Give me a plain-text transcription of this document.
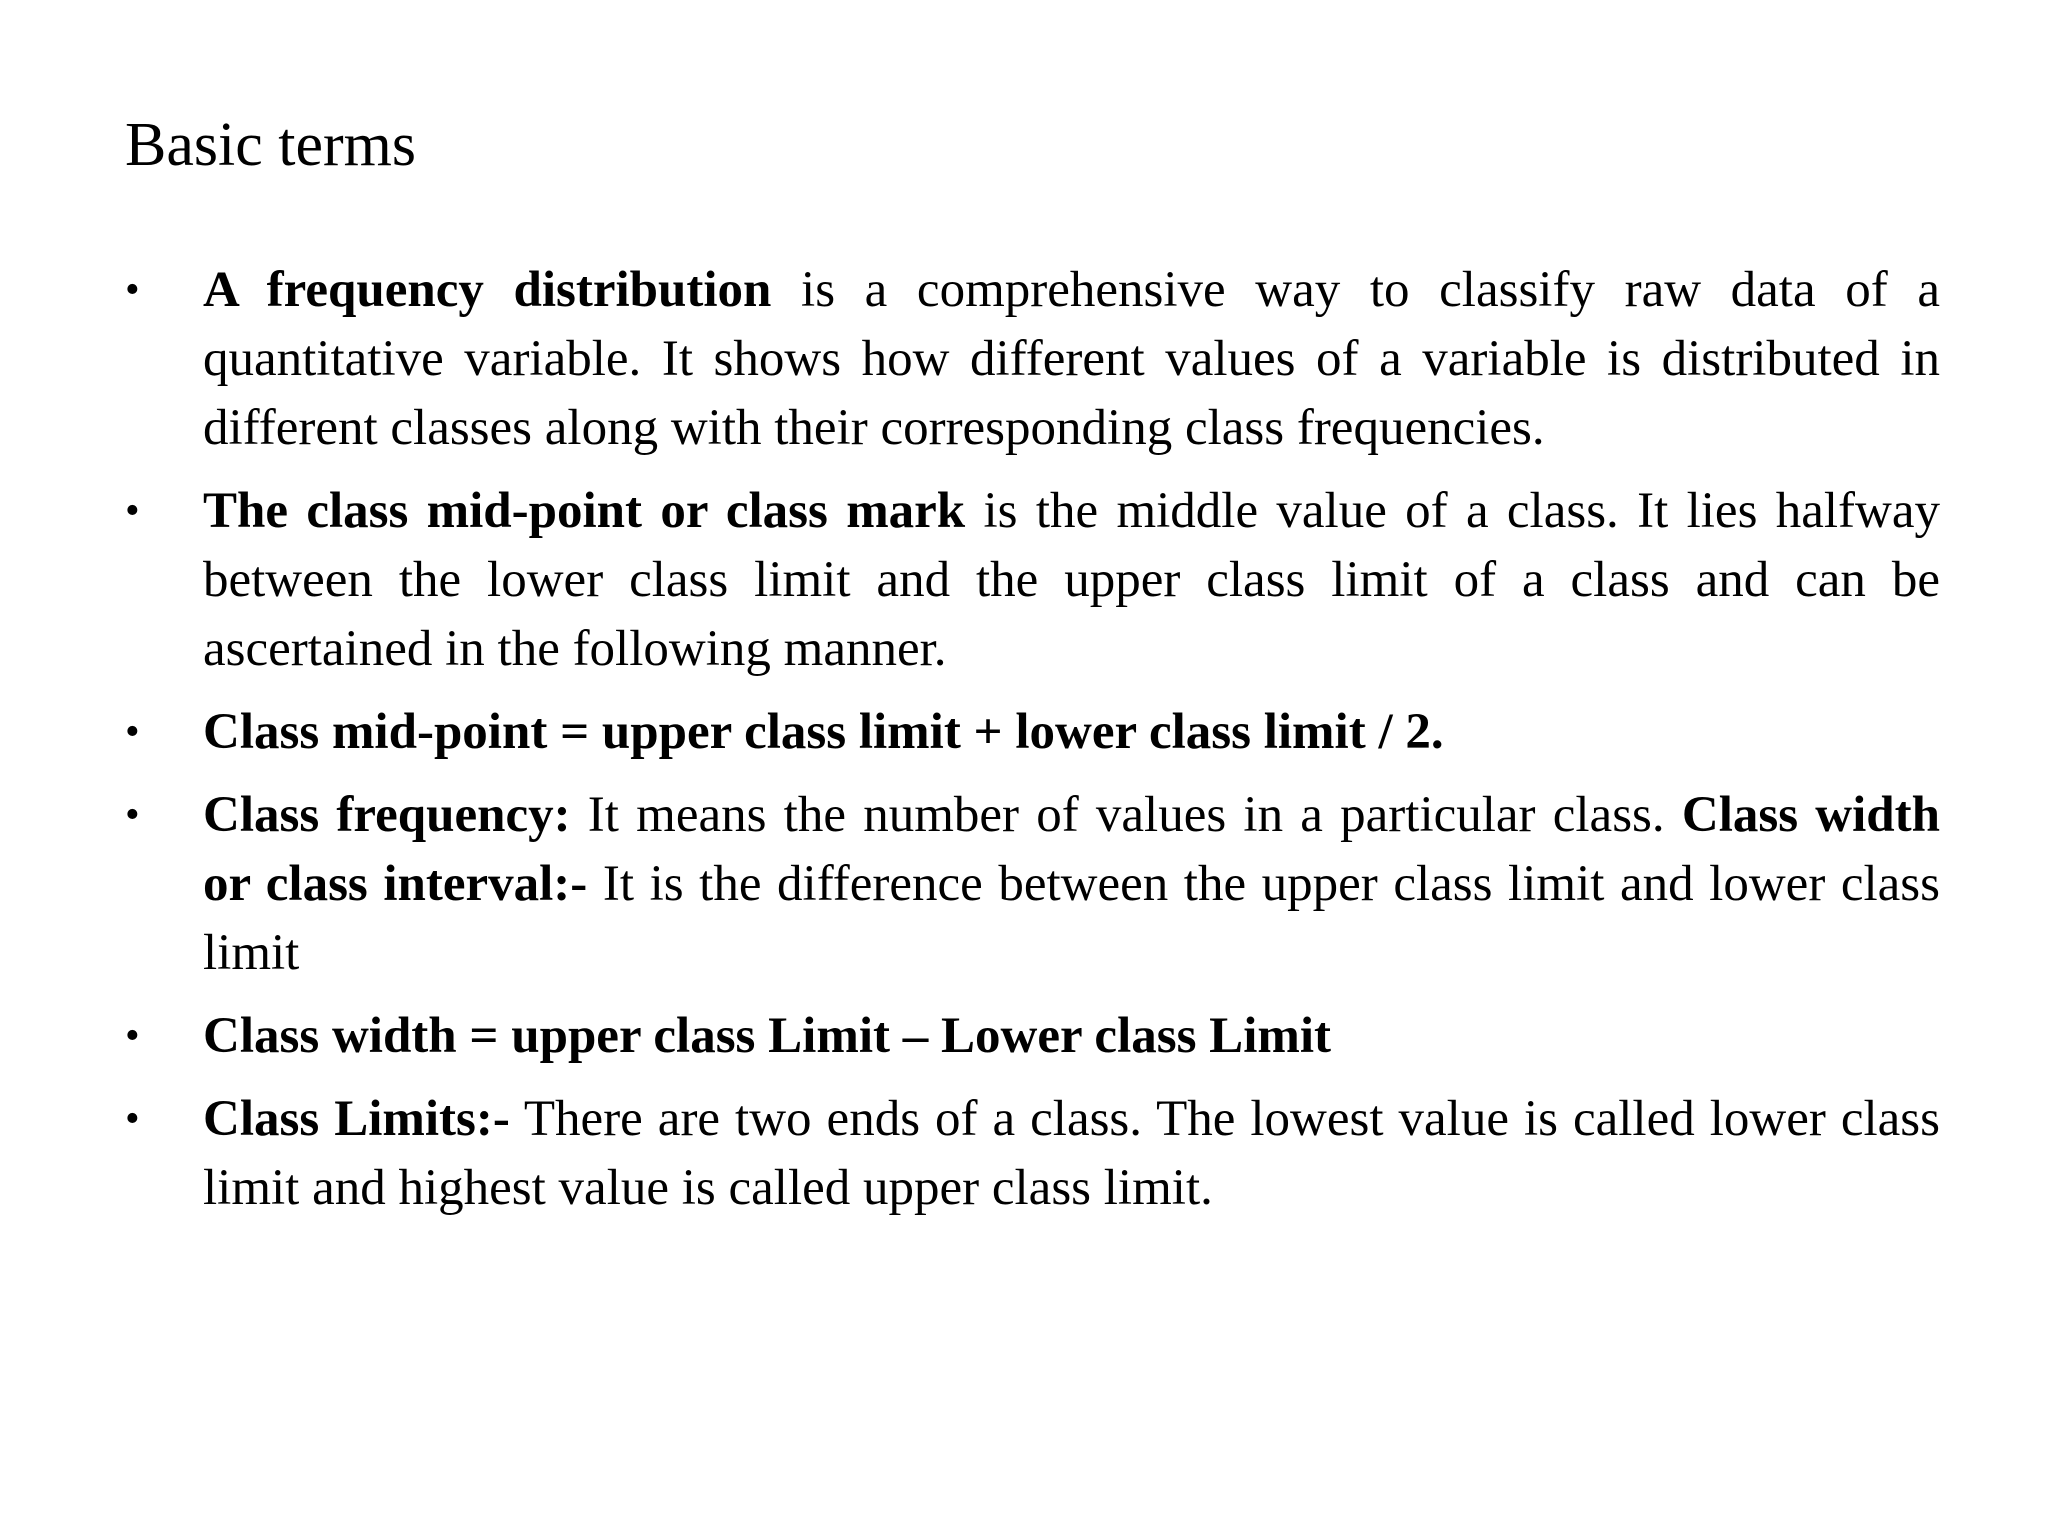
Basic terms
• A frequency distribution is a comprehensive way to classify raw data of a quantitative variable. It shows how different values of a variable is distributed in different classes along with their corresponding class frequencies.
• The class mid-point or class mark is the middle value of a class. It lies halfway between the lower class limit and the upper class limit of a class and can be ascertained in the following manner.
• Class mid-point = upper class limit + lower class limit / 2.
• Class frequency: It means the number of values in a particular class. Class width or class interval:- It is the difference between the upper class limit and lower class limit
• Class width = upper class Limit – Lower class Limit
• Class Limits:- There are two ends of a class. The lowest value is called lower class limit and highest value is called upper class limit.
